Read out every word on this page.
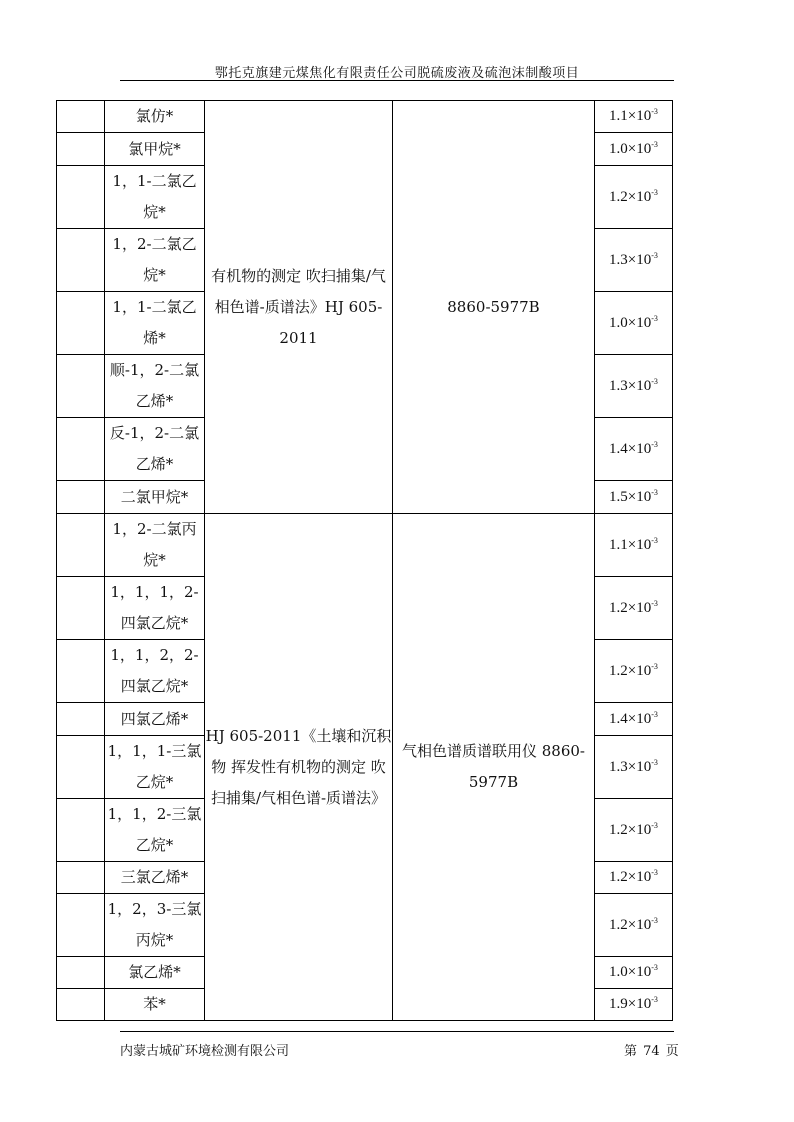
鄂托克旗建元煤焦化有限责任公司脱硫废液及硫泡沫制酸项目
	氯仿*	有机物的测定 吹扫捕集/气相色谱-质谱法》HJ 605-2011	8860-5977B	$1.1\times 10^{-3}$
	氯甲烷*			$1.0\times 10^{-3}$
	1，1-二氯乙烷*			$1.2\times 10^{-3}$
	1，2-二氯乙烷*			$1.3\times 10^{-3}$
	1，1-二氯乙烯*			$1.0\times 10^{-3}$
	顺-1，2-二氯乙烯*			$1.3\times 10^{-3}$
	反-1，2-二氯乙烯*			$1.4\times 10^{-3}$
	二氯甲烷*			$1.5\times 10^{-3}$
	1，2-二氯丙烷*	HJ 605-2011《土壤和沉积物 挥发性有机物的测定 吹扫捕集/气相色谱-质谱法》	气相色谱质谱联用仪 8860-5977B	$1.1\times 10^{-3}$
	1，1，1，2-四氯乙烷*			$1.2\times 10^{-3}$
	1，1，2，2-四氯乙烷*			$1.2\times 10^{-3}$
	四氯乙烯*			$1.4\times 10^{-3}$
	1，1，1-三氯乙烷*			$1.3\times 10^{-3}$
	1，1，2-三氯乙烷*			$1.2\times 10^{-3}$
	三氯乙烯*			$1.2\times 10^{-3}$
	1，2，3-三氯丙烷*			$1.2\times 10^{-3}$
	氯乙烯*			$1.0\times 10^{-3}$
	苯*			$1.9\times 10^{-3}$
内蒙古城矿环境检测有限公司	第 74 页
